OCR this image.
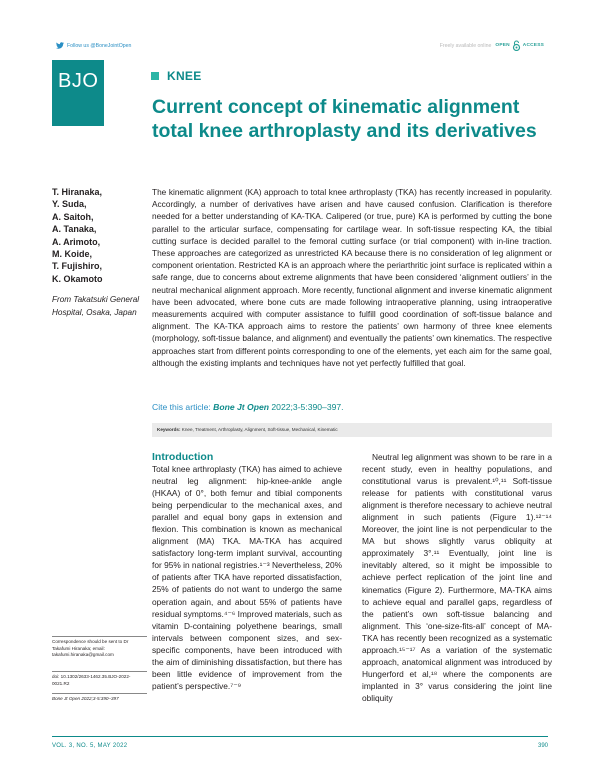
Follow us @BoneJointOpen	Freely available online OPEN	ACCESS
BJO	KNEE
Current concept of kinematic alignment total knee arthroplasty and its derivatives
T. Hiranaka,
Y. Suda,
A. Saitoh,
A. Tanaka,
A. Arimoto,
M. Koide,
T. Fujishiro,
K. Okamoto
From Takatsuki General Hospital, Osaka, Japan

The kinematic alignment (KA) approach to total knee arthroplasty (TKA) has recently increased in popularity. Accordingly, a number of derivatives have arisen and have caused confusion. Clarification is therefore needed for a better understanding of KA-TKA. Calipered (or true, pure) KA is performed by cutting the bone parallel to the articular surface, compensating for cartilage wear. In soft-tissue respecting KA, the tibial cutting surface is decided parallel to the femoral cutting surface (or trial component) with in-line traction. These approaches are categorized as unrestricted KA because there is no consideration of leg alignment or component orientation. Restricted KA is an approach where the periarthritic joint surface is replicated within a safe range, due to concerns about extreme alignments that have been considered ‘alignment outliers’ in the neutral mechanical alignment approach. More recently, functional alignment and inverse kinematic alignment have been advocated, where bone cuts are made following intraoperative planning, using intraoperative measurements acquired with computer assistance to fulfill good coordination of soft-tissue balance and alignment. The KA-TKA approach aims to restore the patients’ own harmony of three knee elements (morphology, soft-tissue balance, and alignment) and eventually the patients’ own kinematics. The respective approaches start from different points corresponding to one of the elements, yet each aim for the same goal, although the existing implants and techniques have not yet perfectly fulfilled that goal.

Cite this article: Bone Jt Open 2022;3-5:390–397.
Keywords: Knee, Treatment, Arthroplasty, Alignment, Soft-tissue, Mechanical, Kinematic
Introduction

Total knee arthroplasty (TKA) has aimed to achieve neutral leg alignment: hip-knee-ankle angle (HKAA) of 0°, both femur and tibial components being perpendicular to the mechanical axes, and parallel and equal bony gaps in extension and flexion. This combination is known as mechanical alignment (MA) TKA. MA-TKA has acquired satisfactory long-term implant survival, accounting for 95% in national registries.¹⁻³ Nevertheless, 20% of patients after TKA have reported dissatisfaction, 25% of patients do not want to undergo the same operation again, and about 55% of patients have residual symptoms.⁴⁻⁶ Improved materials, such as vitamin D-containing polyethene bearings, small intervals between component sizes, and sex-specific components, have been introduced with the aim of diminishing dissatisfaction, but there has been little evidence of improvement from the patient’s perspective.⁷⁻⁹

Neutral leg alignment was shown to be rare in a recent study, even in healthy populations, and constitutional varus is prevalent.¹⁰,¹¹ Soft-tissue release for patients with constitutional varus alignment is therefore necessary to achieve neutral alignment in such patients (Figure 1).¹²⁻¹⁴ Moreover, the joint line is not perpendicular to the MA but shows slightly varus obliquity at approximately 3°.¹¹ Eventually, joint line is inevitably altered, so it might be impossible to achieve perfect replication of the joint line and kinematics (Figure 2). Furthermore, MA-TKA aims to achieve equal and parallel gaps, regardless of the patient’s own soft-tissue balancing and alignment. This ‘one-size-fits-all’ concept of MA-TKA has recently been recognized as a systematic approach.¹⁵⁻¹⁷ As a variation of the systematic approach, anatomical alignment was introduced by Hungerford et al,¹⁸ where the components are implanted in 3° varus considering the joint line obliquity

Correspondence should be sent to Dr Takafumi Hiranaka; email: takafumi.hiranaka@gmail.com
doi: 10.1302/2633-1462.35.BJO-2022-0021.R2
Bone Jt Open 2022;3-5:390–397
VOL. 3, NO. 5, MAY 2022	390
